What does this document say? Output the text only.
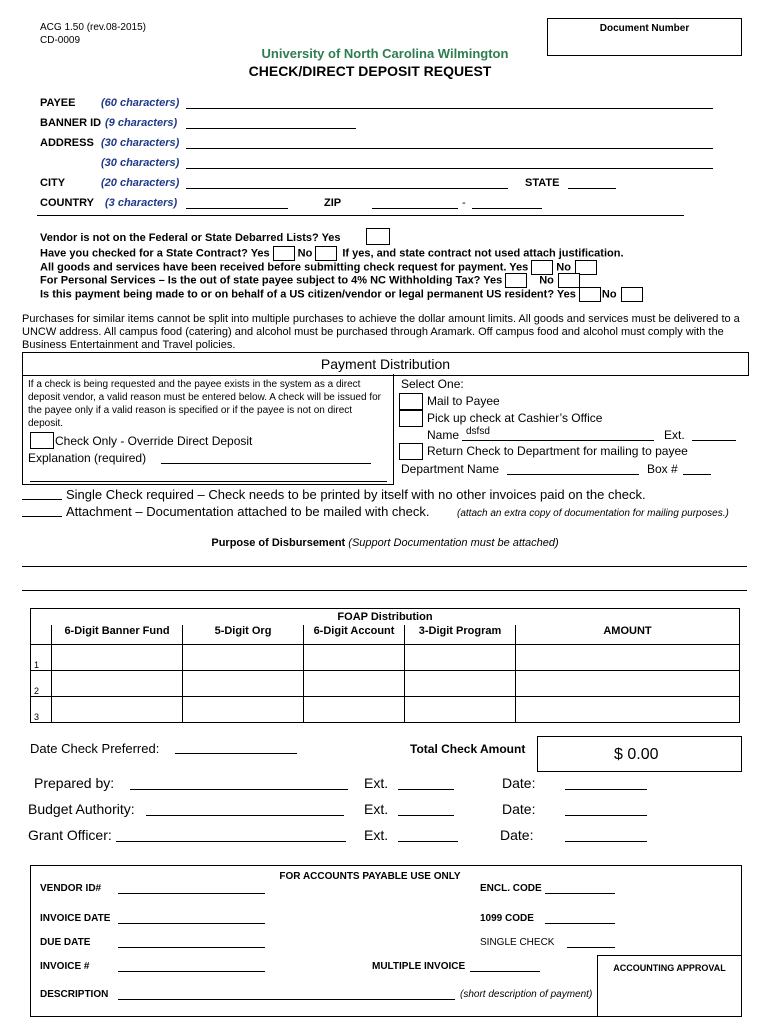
ACG 1.50 (rev.08-2015)
CD-0009
Document Number
University of North Carolina Wilmington
CHECK/DIRECT DEPOSIT REQUEST
PAYEE (60 characters)
BANNER ID (9 characters)
ADDRESS (30 characters)
(30 characters)
CITY	(20 characters)	STATE
COUNTRY (3 characters)	ZIP	-
Vendor is not on the Federal or State Debarred Lists? Yes
Have you checked for a State Contract? Yes	No	If yes, and state contract not used attach justification.
All goods and services have been received before submitting check request for payment. Yes	No
For Personal Services – Is the out of state payee subject to 4% NC Withholding Tax? Yes	No
Is this payment being made to or on behalf of a US citizen/vendor or legal permanent US resident? Yes No
Purchases for similar items cannot be split into multiple purchases to achieve the dollar amount limits. All goods and services must be delivered to a UNCW address. All campus food (catering) and alcohol must be purchased through Aramark. Off campus food and alcohol must comply with the Business Entertainment and Travel policies.
Payment Distribution
If a check is being requested and the payee exists in the system as a direct deposit vendor, a valid reason must be entered below. A check will be issued for the payee only if a valid reason is specified or if the payee is not on direct deposit.
Check Only - Override Direct Deposit
Explanation (required)
Select One:
Mail to Payee
Pick up check at Cashier’s Office
Name dsfsd	Ext.
Return Check to Department for mailing to payee
Department Name	Box #
Single Check required – Check needs to be printed by itself with no other invoices paid on the check.
Attachment – Documentation attached to be mailed with check.	(attach an extra copy of documentation for mailing purposes.)
Purpose of Disbursement (Support Documentation must be attached)
FOAP Distribution					

	6-Digit Banner Fund	5-Digit Org	6-Digit Account	3-Digit Program	AMOUNT
1					
2					
3					
Date Check Preferred:	Total Check Amount	$ 0.00
Prepared by:	Ext.	Date:
Budget Authority:	Ext.	Date:
Grant Officer:	Ext.	Date:
FOR ACCOUNTS PAYABLE USE ONLY
VENDOR ID#	ENCL. CODE
INVOICE DATE	1099 CODE
DUE DATE	SINGLE CHECK
INVOICE #	MULTIPLE INVOICE	ACCOUNTING APPROVAL
DESCRIPTION	(short description of payment)
